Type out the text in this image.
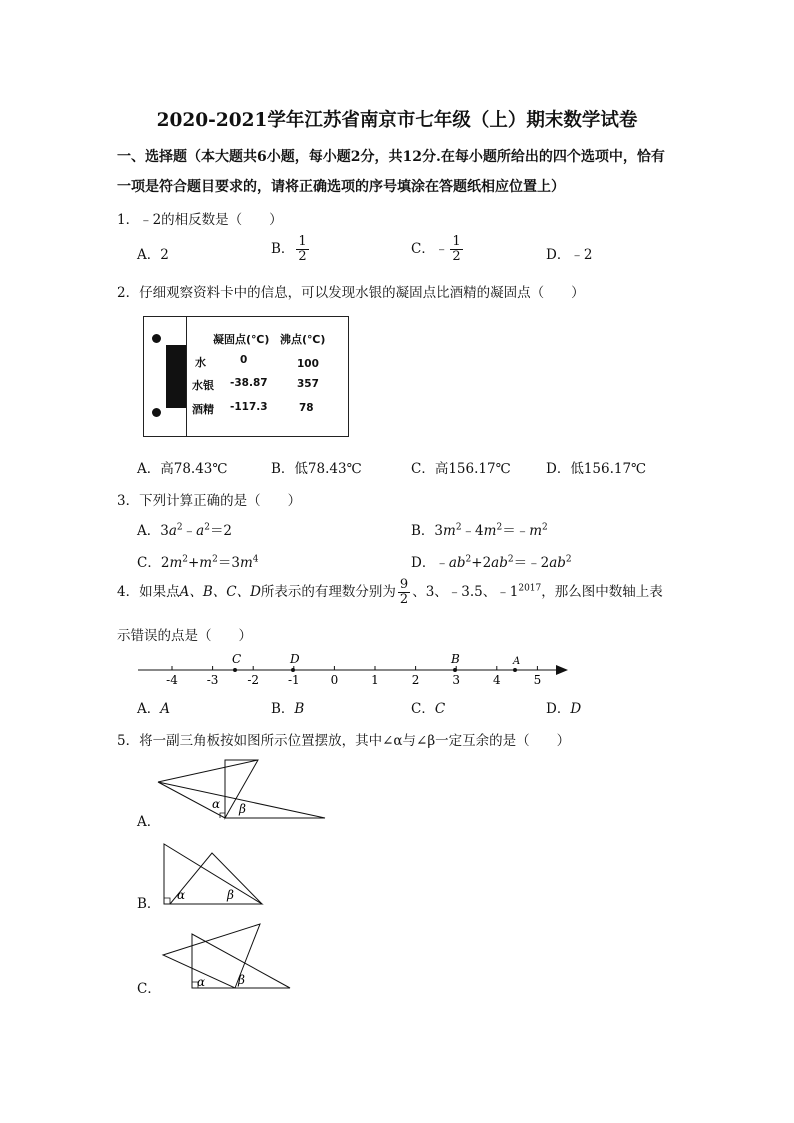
2020-2021学年江苏省南京市七年级（上）期末数学试卷
一、选择题（本大题共6小题，每小题2分，共12分.在每小题所给出的四个选项中，恰有
一项是符合题目要求的，请将正确选项的序号填涂在答题纸相应位置上）
1．﹣2的相反数是（　　）
A．2	B． $\frac{1}{2}$	C．﹣ $\frac{1}{2}$	D．﹣2
2．仔细观察资料卡中的信息，可以发现水银的凝固点比酒精的凝固点（　　）
凝固点(℃) 沸点(℃)
水	0	100
水银 -38.87	357
酒精 -117.3	78
A．高78.43℃	B．低78.43℃	C．高156.17℃	D．低156.17℃
3．下列计算正确的是（　　）
A．$3a^2﹣a^2=2$	B．$3m^2﹣4m^2=﹣m^2$
C．$2m^2+m^2=3m^4$	D．$﹣ab^2+2ab^2=﹣2ab^2$
4．如果点A、B、C、D所表示的有理数分别为 $\frac{9}{2}$ 、3、﹣3.5、$﹣1^{2017}$，那么图中数轴上表
示错误的点是（　　）
-4 -3 -2 -1	0	1	2	3	4	5
C	D	B	A
A．A	B．B	C．C	D．D
5．将一副三角板按如图所示位置摆放，其中∠α与∠β一定互余的是（　　）
A．
α β
B．
α	β
C．	α	β
